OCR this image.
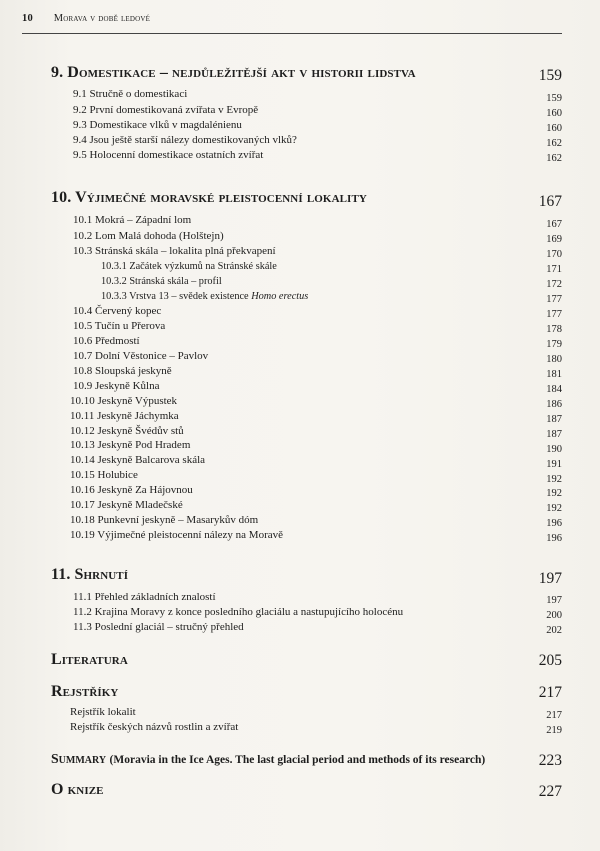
10 Morava v době ledové
9. Domestikace – nejdůležitější akt v historii lidstva	159
9.1 Stručně o domestikaci	159
9.2 První domestikovaná zvířata v Evropě	160
9.3 Domestikace vlků v magdalénienu	160
9.4 Jsou ještě starší nálezy domestikovaných vlků?	162
9.5 Holocenní domestikace ostatních zvířat	162
10. Výjimečné moravské pleistocenní lokality	167
10.1 Mokrá – Západní lom	167
10.2 Lom Malá dohoda (Holštejn)	169
10.3 Stránská skála – lokalita plná překvapení	170
10.3.1 Začátek výzkumů na Stránské skále	171
10.3.2 Stránská skála – profil	172
10.3.3 Vrstva 13 – svědek existence Homo erectus	177
10.4 Červený kopec	177
10.5 Tučín u Přerova	178
10.6 Předmostí	179
10.7 Dolní Věstonice – Pavlov	180
10.8 Sloupská jeskyně	181
10.9 Jeskyně Kůlna	184
10.10 Jeskyně Výpustek	186
10.11 Jeskyně Jáchymka	187
10.12 Jeskyně Švédův stů	187
10.13 Jeskyně Pod Hradem	190
10.14 Jeskyně Balcarova skála	191
10.15 Holubice	192
10.16 Jeskyně Za Hájovnou	192
10.17 Jeskyně Mladečské	192
10.18 Punkevní jeskyně – Masarykův dóm	196
10.19 Výjimečné pleistocenní nálezy na Moravě	196
11. Shrnutí	197
11.1 Přehled základních znalostí	197
11.2 Krajina Moravy z konce posledního glaciálu a nastupujícího holocénu	200
11.3 Poslední glaciál – stručný přehled	202
Literatura	205
Rejstříky	217
Rejstřík lokalit	217
Rejstřík českých názvů rostlin a zvířat	219
Summary (Moravia in the Ice Ages. The last glacial period and methods of its research)	223
O knize	227
